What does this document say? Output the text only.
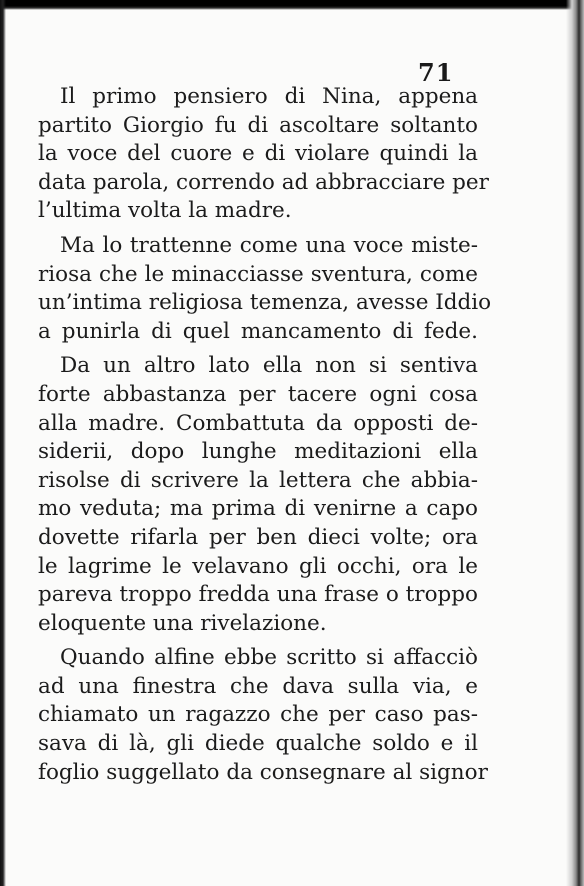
71
Il primo pensiero di Nina, appena
partito Giorgio fu di ascoltare soltanto
la voce del cuore e di violare quindi la
data parola, correndo ad abbracciare per
l’ultima volta la madre.
Ma lo trattenne come una voce miste-
riosa che le minacciasse sventura, come
un’intima religiosa temenza, avesse Iddio
a punirla di quel mancamento di fede.
Da un altro lato ella non si sentiva
forte abbastanza per tacere ogni cosa
alla madre. Combattuta da opposti de-
siderii, dopo lunghe meditazioni ella
risolse di scrivere la lettera che abbia-
mo veduta; ma prima di venirne a capo
dovette rifarla per ben dieci volte; ora
le lagrime le velavano gli occhi, ora le
pareva troppo fredda una frase o troppo
eloquente una rivelazione.
Quando alfine ebbe scritto si affacciò
ad una finestra che dava sulla via, e
chiamato un ragazzo che per caso pas-
sava di là, gli diede qualche soldo e il
foglio suggellato da consegnare al signor
